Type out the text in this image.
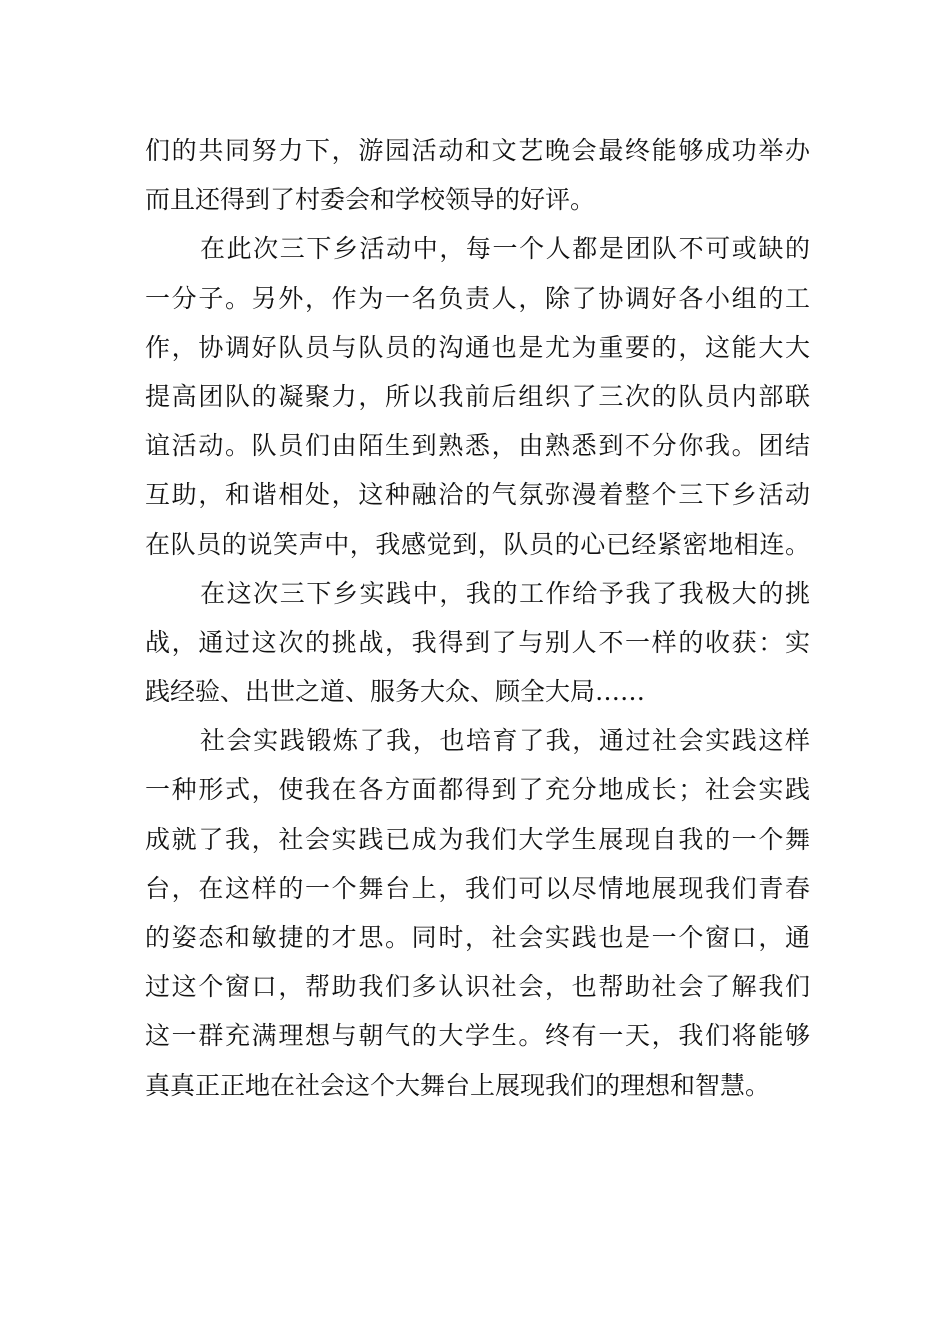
们的共同努力下，游园活动和文艺晚会最终能够成功举办
而且还得到了村委会和学校领导的好评。
在此次三下乡活动中，每一个人都是团队不可或缺的
一分子。另外，作为一名负责人，除了协调好各小组的工
作，协调好队员与队员的沟通也是尤为重要的，这能大大
提高团队的凝聚力，所以我前后组织了三次的队员内部联
谊活动。队员们由陌生到熟悉，由熟悉到不分你我。团结
互助，和谐相处，这种融洽的气氛弥漫着整个三下乡活动
在队员的说笑声中，我感觉到，队员的心已经紧密地相连。
在这次三下乡实践中，我的工作给予我了我极大的挑
战，通过这次的挑战，我得到了与别人不一样的收获：实
践经验、出世之道、服务大众、顾全大局……
社会实践锻炼了我，也培育了我，通过社会实践这样
一种形式，使我在各方面都得到了充分地成长；社会实践
成就了我，社会实践已成为我们大学生展现自我的一个舞
台，在这样的一个舞台上，我们可以尽情地展现我们青春
的姿态和敏捷的才思。同时，社会实践也是一个窗口，通
过这个窗口，帮助我们多认识社会，也帮助社会了解我们
这一群充满理想与朝气的大学生。终有一天，我们将能够
真真正正地在社会这个大舞台上展现我们的理想和智慧。
